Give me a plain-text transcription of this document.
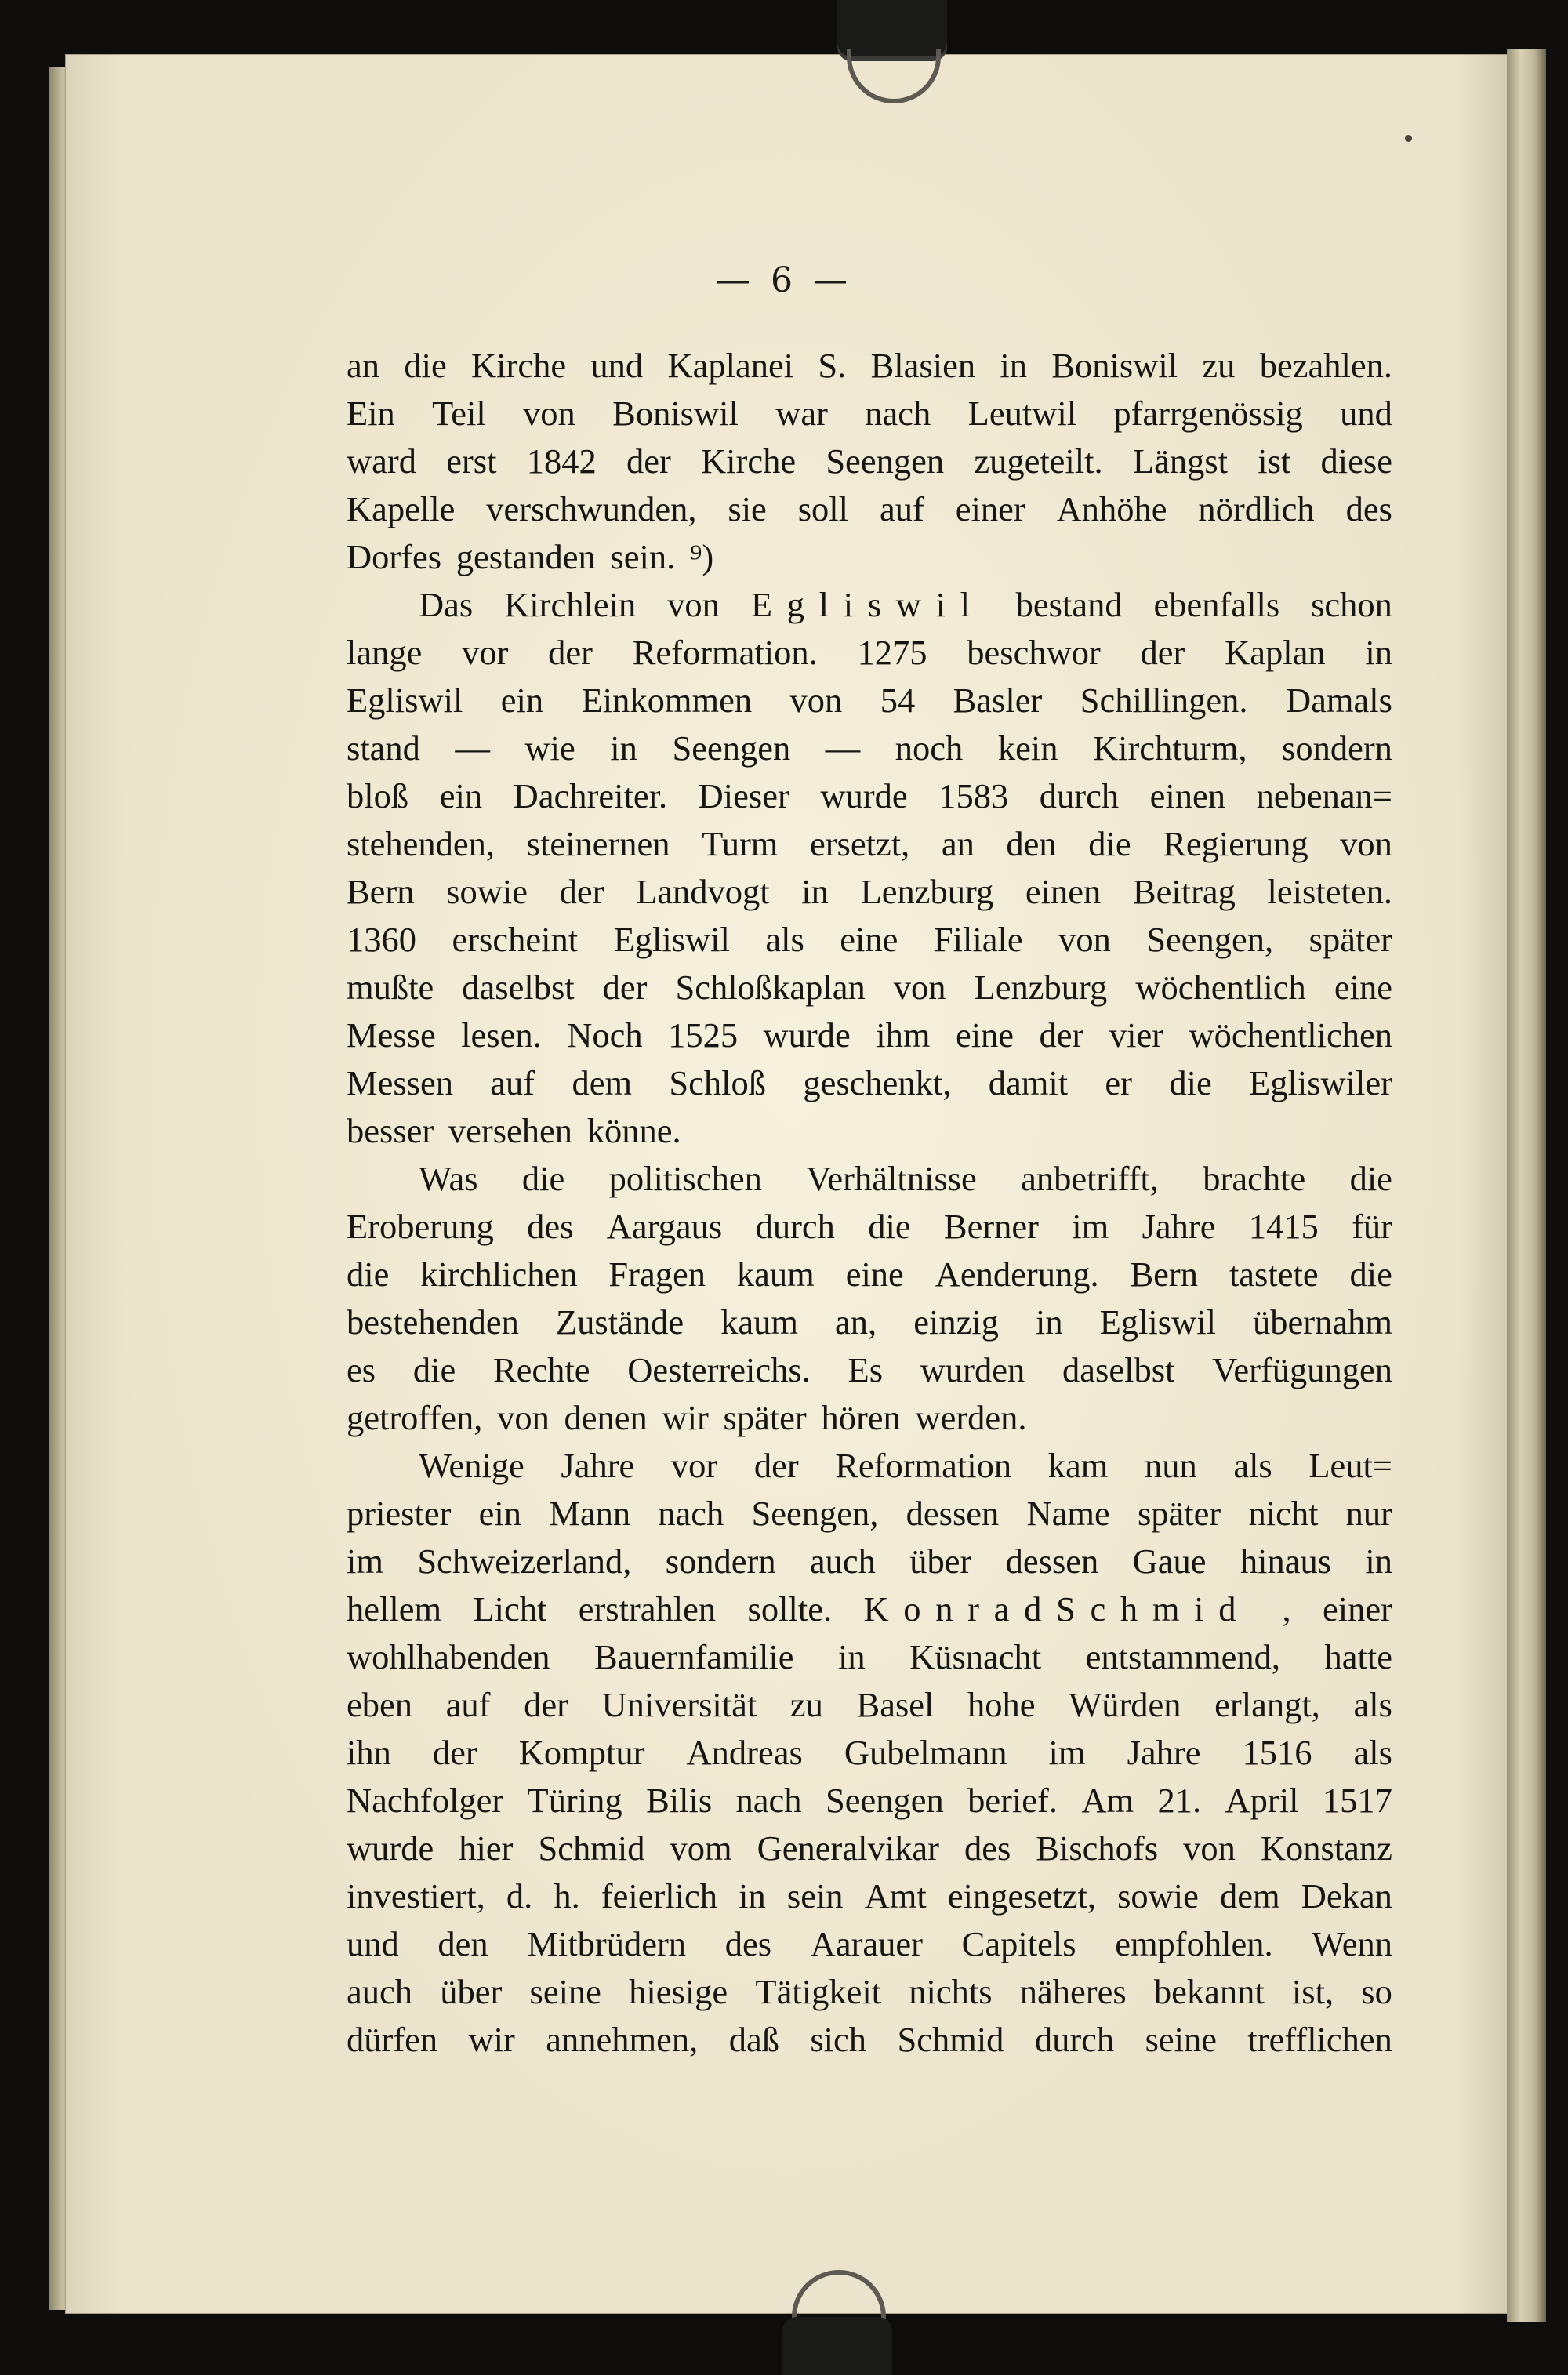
— 6 —
an die Kirche und Kaplanei S. Blasien in Boniswil zu bezahlen.
Ein Teil von Boniswil war nach Leutwil pfarrgenössig und
ward erst 1842 der Kirche Seengen zugeteilt. Längst ist diese
Kapelle verschwunden, sie soll auf einer Anhöhe nördlich des
Dorfes gestanden sein. ⁹)
Das Kirchlein von Egliswil bestand ebenfalls schon
lange vor der Reformation. 1275 beschwor der Kaplan in
Egliswil ein Einkommen von 54 Basler Schillingen. Damals
stand — wie in Seengen — noch kein Kirchturm, sondern
bloß ein Dachreiter. Dieser wurde 1583 durch einen nebenan=
stehenden, steinernen Turm ersetzt, an den die Regierung von
Bern sowie der Landvogt in Lenzburg einen Beitrag leisteten.
1360 erscheint Egliswil als eine Filiale von Seengen, später
mußte daselbst der Schloßkaplan von Lenzburg wöchentlich eine
Messe lesen. Noch 1525 wurde ihm eine der vier wöchentlichen
Messen auf dem Schloß geschenkt, damit er die Egliswiler
besser versehen könne.
Was die politischen Verhältnisse anbetrifft, brachte die
Eroberung des Aargaus durch die Berner im Jahre 1415 für
die kirchlichen Fragen kaum eine Aenderung. Bern tastete die
bestehenden Zustände kaum an, einzig in Egliswil übernahm
es die Rechte Oesterreichs. Es wurden daselbst Verfügungen
getroffen, von denen wir später hören werden.
Wenige Jahre vor der Reformation kam nun als Leut=
priester ein Mann nach Seengen, dessen Name später nicht nur
im Schweizerland, sondern auch über dessen Gaue hinaus in
hellem Licht erstrahlen sollte. KonradSchmid , einer
wohlhabenden Bauernfamilie in Küsnacht entstammend, hatte
eben auf der Universität zu Basel hohe Würden erlangt, als
ihn der Komptur Andreas Gubelmann im Jahre 1516 als
Nachfolger Türing Bilis nach Seengen berief. Am 21. April 1517
wurde hier Schmid vom Generalvikar des Bischofs von Konstanz
investiert, d. h. feierlich in sein Amt eingesetzt, sowie dem Dekan
und den Mitbrüdern des Aarauer Capitels empfohlen. Wenn
auch über seine hiesige Tätigkeit nichts näheres bekannt ist, so
dürfen wir annehmen, daß sich Schmid durch seine trefflichen
